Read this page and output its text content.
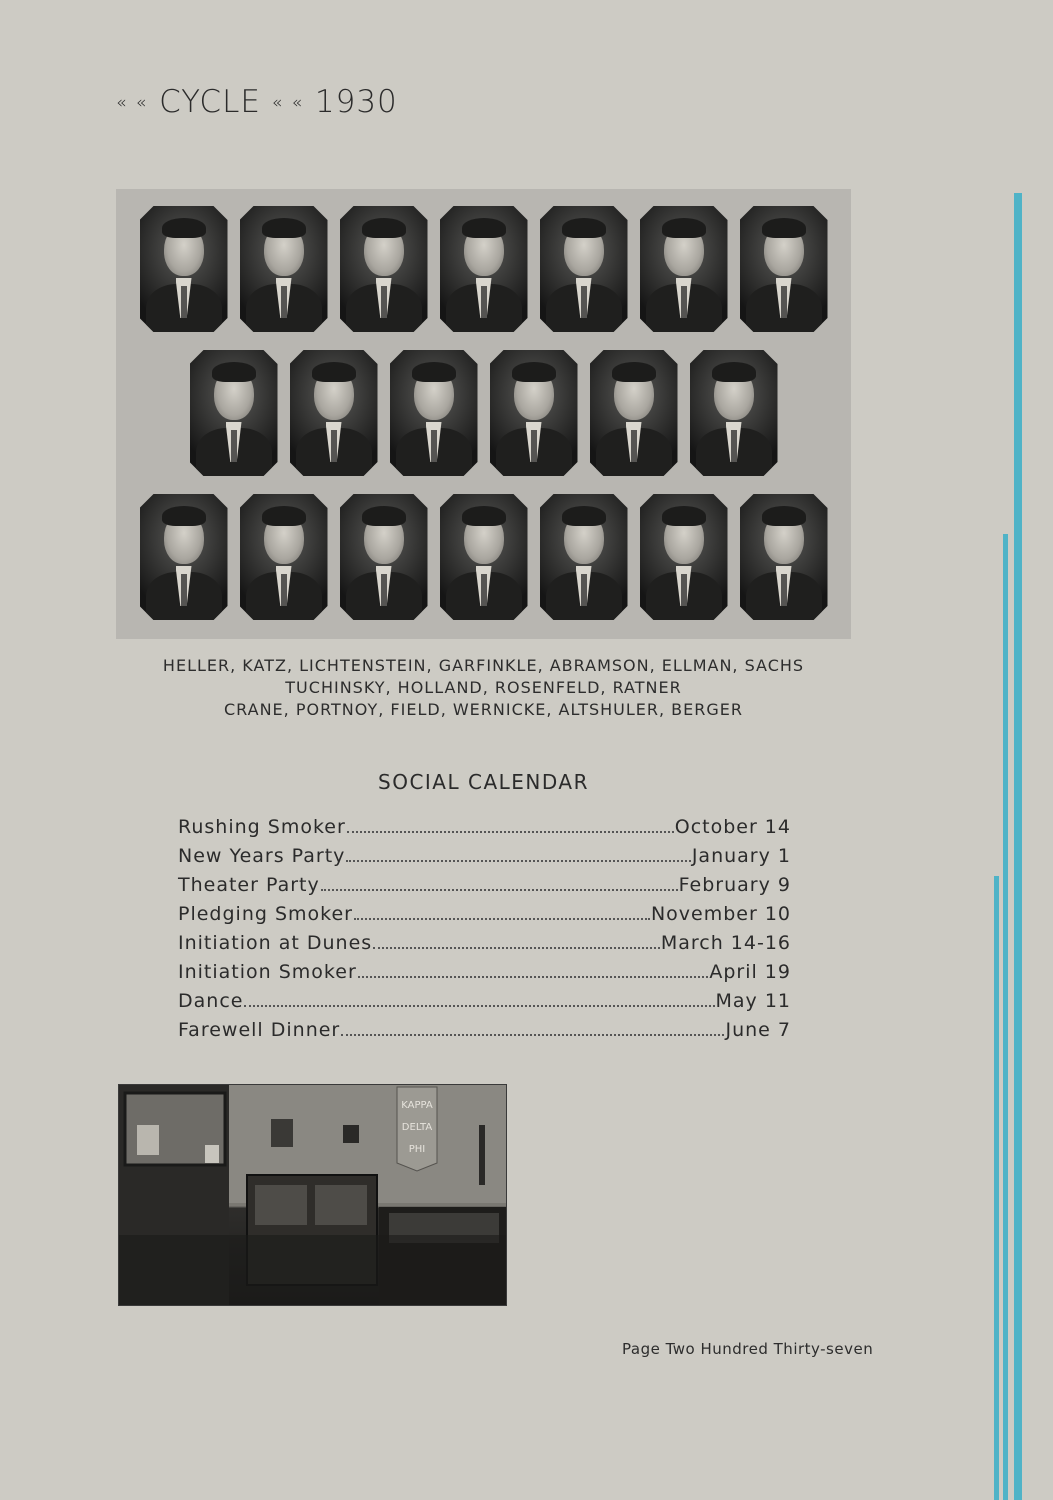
« « CYCLE « « 1930
HELLER, KATZ, LICHTENSTEIN, GARFINKLE, ABRAMSON, ELLMAN, SACHS
TUCHINSKY, HOLLAND, ROSENFELD, RATNER
CRANE, PORTNOY, FIELD, WERNICKE, ALTSHULER, BERGER
SOCIAL CALENDAR
Rushing Smoker	October 14
New Years Party	January 1
Theater Party	February 9
Pledging Smoker	November 10
Initiation at Dunes	March 14-16
Initiation Smoker	April 19
Dance	May 11
Farewell Dinner	June 7
KAPPA DELTA PHI
Page Two Hundred Thirty-seven
